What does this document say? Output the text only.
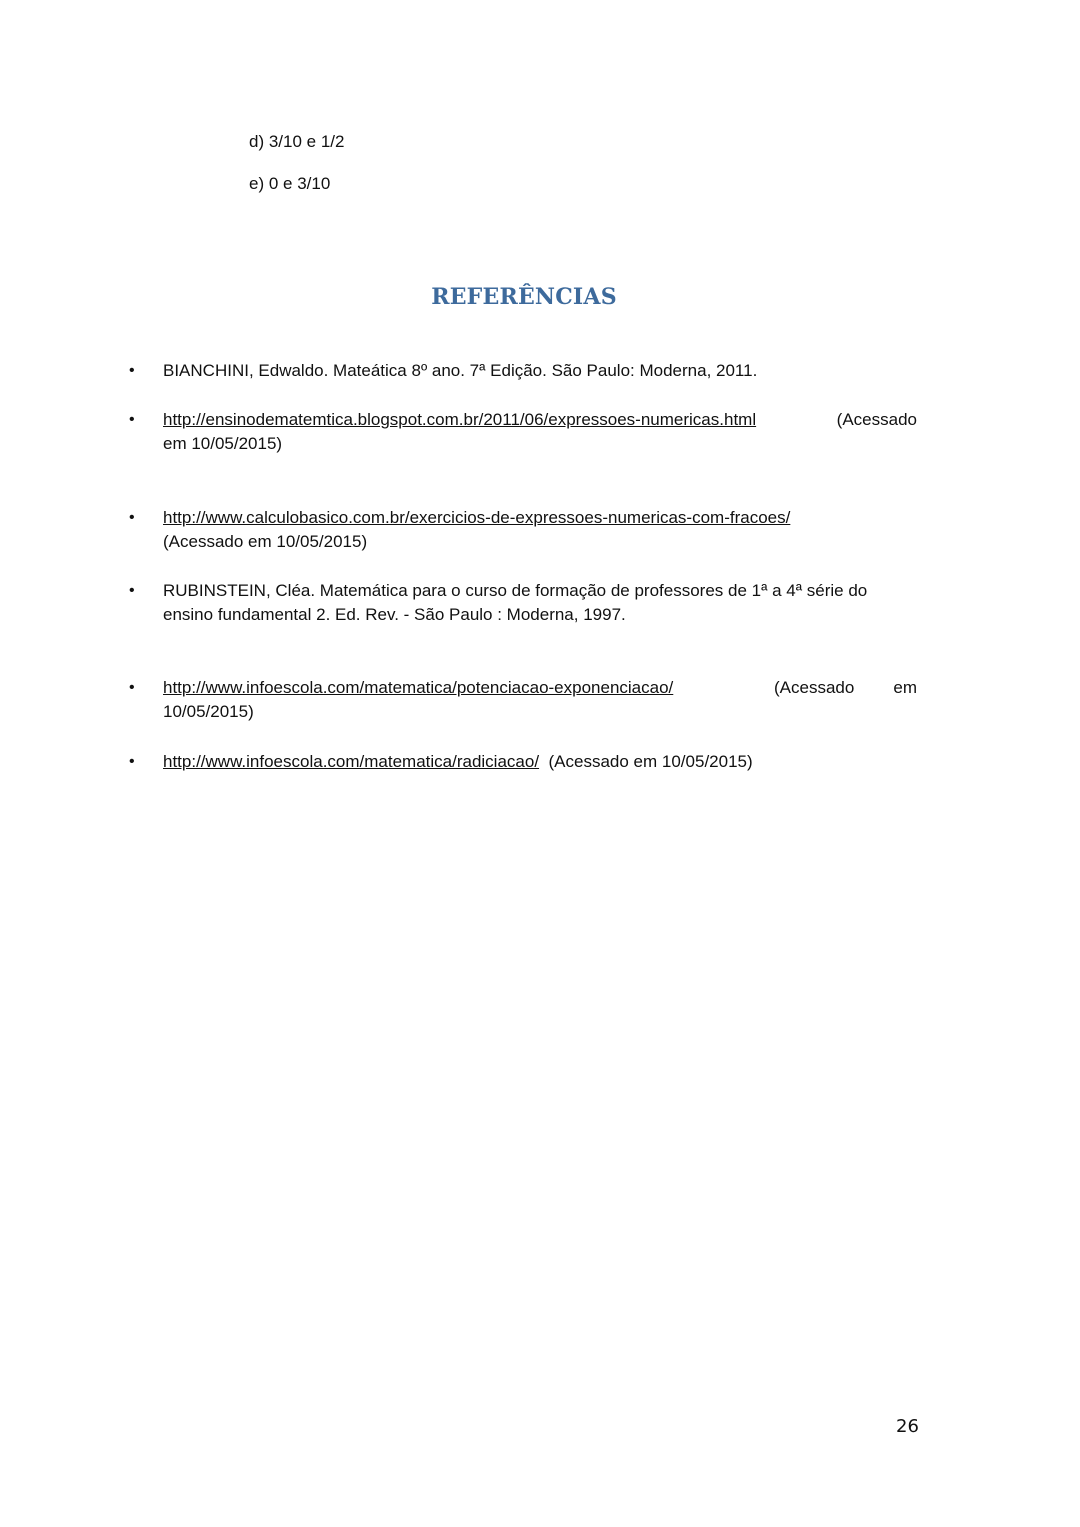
d) 3/10 e 1/2
e) 0 e 3/10
REFERÊNCIAS
• BIANCHINI, Edwaldo. Mateática 8º ano. 7ª Edição. São Paulo: Moderna, 2011.
• http://ensinodematemtica.blogspot.com.br/2011/06/expressoes-numericas.html	(Acessado
em 10/05/2015)
• http://www.calculobasico.com.br/exercicios-de-expressoes-numericas-com-fracoes/
(Acessado em 10/05/2015)
• RUBINSTEIN, Cléa. Matemática para o curso de formação de professores de 1ª a 4ª série do
ensino fundamental 2. Ed. Rev. - São Paulo : Moderna, 1997.
• http://www.infoescola.com/matematica/potenciacao-exponenciacao/	(Acessado em
10/05/2015)
• http://www.infoescola.com/matematica/radiciacao/ (Acessado em 10/05/2015)
26
